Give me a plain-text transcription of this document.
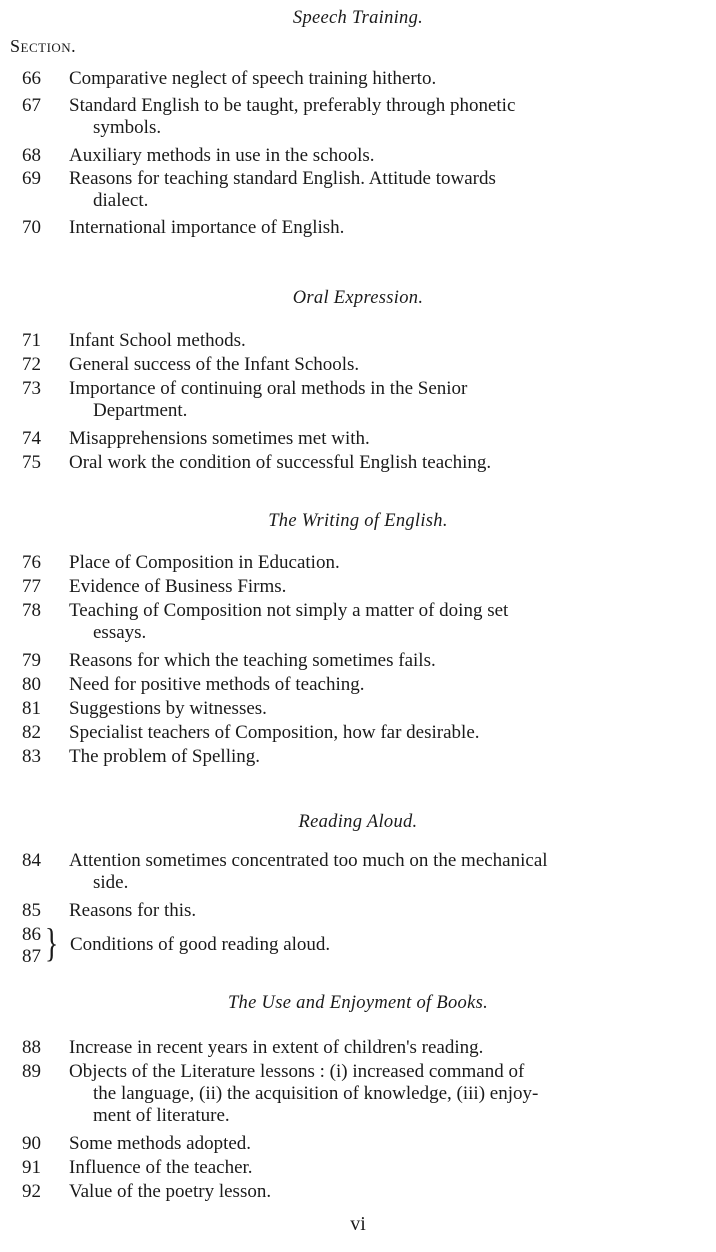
Speech Training.
Section.
66	Comparative neglect of speech training hitherto.
67	Standard English to be taught, preferably through phonetic
symbols.
68	Auxiliary methods in use in the schools.
69	Reasons for teaching standard English. Attitude towards
dialect.
70	International importance of English.
Oral Expression.
71	Infant School methods.
72	General success of the Infant Schools.
73	Importance of continuing oral methods in the Senior
Department.
74	Misapprehensions sometimes met with.
75	Oral work the condition of successful English teaching.
The Writing of English.
76	Place of Composition in Education.
77	Evidence of Business Firms.
78	Teaching of Composition not simply a matter of doing set
essays.
79	Reasons for which the teaching sometimes fails.
80	Need for positive methods of teaching.
81	Suggestions by witnesses.
82	Specialist teachers of Composition, how far desirable.
83	The problem of Spelling.
Reading Aloud.
84	Attention sometimes concentrated too much on the mechanical
side.
85	Reasons for this.
86
87 } Conditions of good reading aloud.
The Use and Enjoyment of Books.
88	Increase in recent years in extent of children's reading.
89	Objects of the Literature lessons : (i) increased command of
the language, (ii) the acquisition of knowledge, (iii) enjoy-
ment of literature.
90	Some methods adopted.
91	Influence of the teacher.
92	Value of the poetry lesson.
vi
